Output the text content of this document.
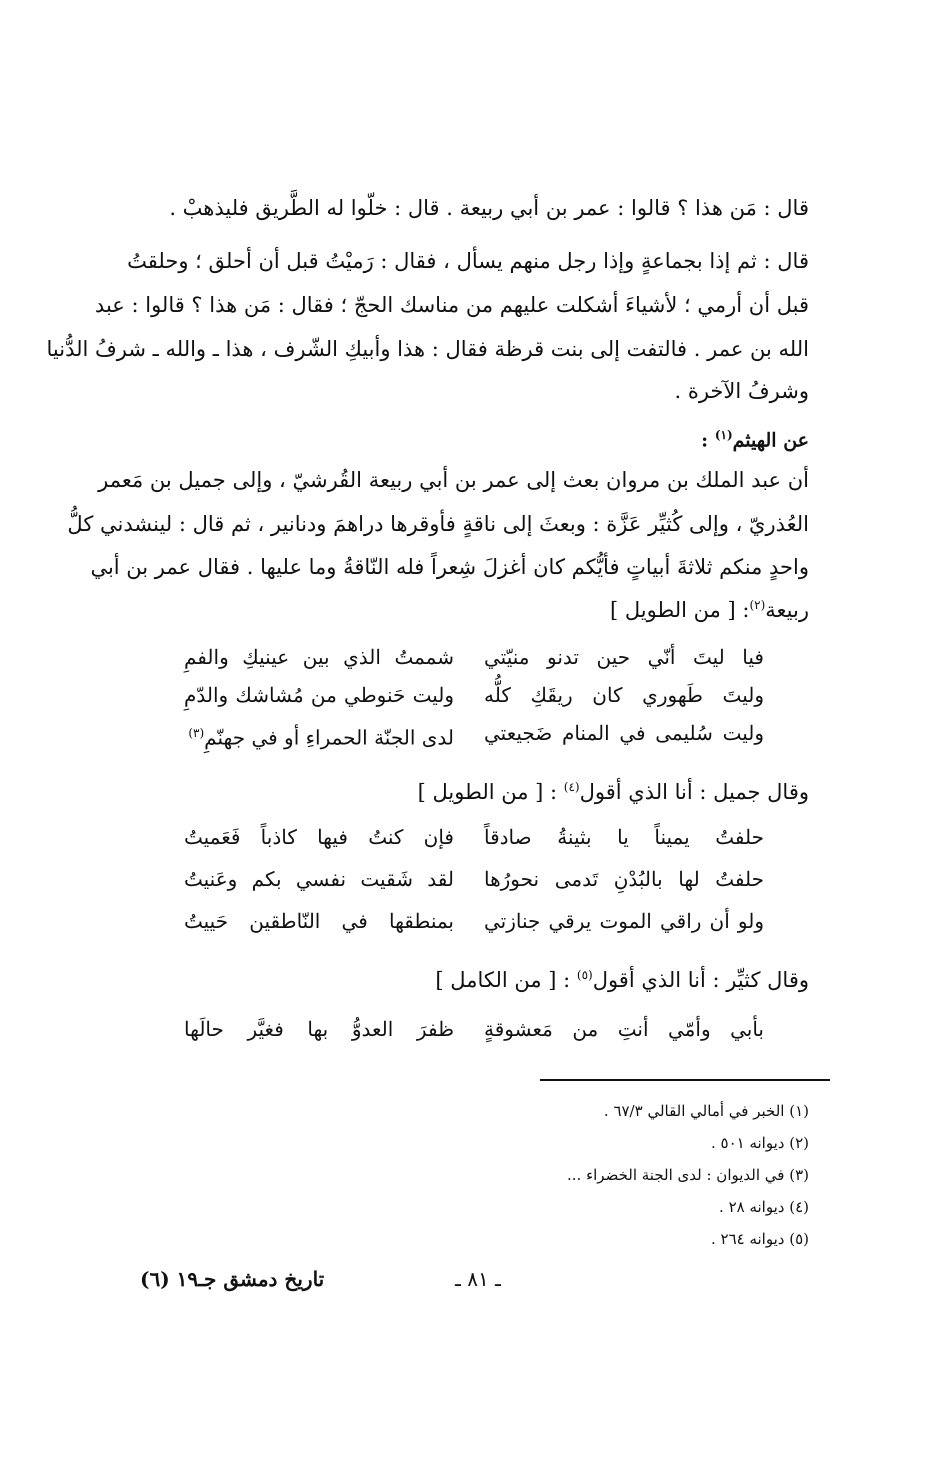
قال : مَن هذا ؟ قالوا : عمر بن أبي ربيعة . قال : خلّوا له الطَّريق فليذهبْ .
قال : ثم إذا بجماعةٍ وإذا رجل منهم يسأل ، فقال : رَميْتُ قبل أن أحلق ؛ وحلقتُ
قبل أن أرمي ؛ لأشياءَ أشكلت عليهم من مناسك الحجّ ؛ فقال : مَن هذا ؟ قالوا : عبد
الله بن عمر . فالتفت إلى بنت قرظة فقال : هذا وأبيكِ الشّرف ، هذا ـ والله ـ شرفُ الدُّنيا
وشرفُ الآخرة .
عن الهيثم$^{(١)}$ :
أن عبد الملك بن مروان بعث إلى عمر بن أبي ربيعة القُرشيّ ، وإلى جميل بن مَعمر
العُذريّ ، وإلى كُثيِّر عَزَّة : وبعثَ إلى ناقةٍ فأوقرها دراهمَ ودنانير ، ثم قال : لينشدني كلُّ
واحدٍ منكم ثلاثةَ أبياتٍ فأيُّكم كان أغزلَ شِعراً فله النّاقةُ وما عليها . فقال عمر بن أبي
ربيعة$^{(٢)}$: [ من الطويل ]
فيا ليتَ أنّي حين تدنو منيّتي
شممتُ الذي بين عينيكِ والفمِ
وليتَ طَهوري كان ريقَكِ كلُّه
وليت حَنوطي من مُشاشك والدّمِ
وليت سُليمى في المنام ضَجيعتي
لدى الجنّة الحمراءِ أو في جهنّمِ$^{(٣)}$
وقال جميل : أنا الذي أقول$^{(٤)}$ : [ من الطويل ]
حلفتُ يميناً يا بثينةُ صادقاً
فإن كنتُ فيها كاذباً فَعَميتُ
حلفتُ لها بالبُدْنِ تَدمى نحورُها
لقد شَقيت نفسي بكم وعَنيتُ
ولو أن راقي الموت يرقي جنازتي
بمنطقها في النّاطقين حَييتُ
وقال كثيِّر : أنا الذي أقول$^{(٥)}$ : [ من الكامل ]
بأبي وأمّي أنتِ من مَعشوقةٍ
ظفرَ العدوُّ بها فغيَّر حالَها
(١) الخبر في أمالي القالي ٦٧/٣ .
(٢) ديوانه ٥٠١ .
(٣) في الديوان : لدى الجنة الخضراء ...
(٤) ديوانه ٢٨ .
(٥) ديوانه ٢٦٤ .
تاريخ دمشق جـ١٩ (٦)	ـ ٨١ ـ
